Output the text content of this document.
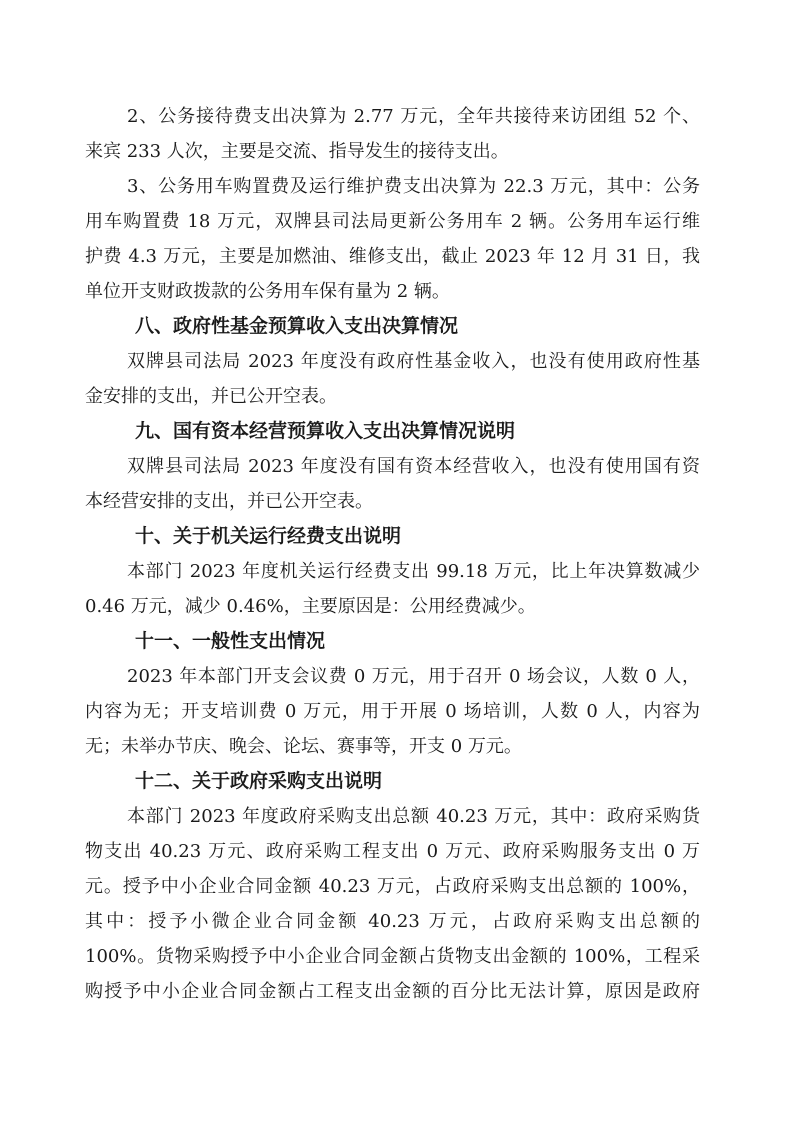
2、公务接待费支出决算为 2.77 万元，全年共接待来访团组 52 个、
来宾 233 人次，主要是交流、指导发生的接待支出。
3、公务用车购置费及运行维护费支出决算为 22.3 万元，其中：公务
用车购置费 18 万元，双牌县司法局更新公务用车 2 辆。公务用车运行维
护费 4.3 万元，主要是加燃油、维修支出，截止 2023 年 12 月 31 日，我
单位开支财政拨款的公务用车保有量为 2 辆。
八、政府性基金预算收入支出决算情况
双牌县司法局 2023 年度没有政府性基金收入，也没有使用政府性基
金安排的支出，并已公开空表。
九、国有资本经营预算收入支出决算情况说明
双牌县司法局 2023 年度没有国有资本经营收入，也没有使用国有资
本经营安排的支出，并已公开空表。
十、关于机关运行经费支出说明
本部门 2023 年度机关运行经费支出 99.18 万元，比上年决算数减少
0.46 万元，减少 0.46%，主要原因是：公用经费减少。
十一、一般性支出情况
2023 年本部门开支会议费 0 万元，用于召开 0 场会议，人数 0 人，
内容为无；开支培训费 0 万元，用于开展 0 场培训，人数 0 人，内容为
无；未举办节庆、晚会、论坛、赛事等，开支 0 万元。
十二、关于政府采购支出说明
本部门 2023 年度政府采购支出总额 40.23 万元，其中：政府采购货
物支出 40.23 万元、政府采购工程支出 0 万元、政府采购服务支出 0 万
元。授予中小企业合同金额 40.23 万元，占政府采购支出总额的 100%，
其中：授予小微企业合同金额 40.23 万元，占政府采购支出总额的
100%。货物采购授予中小企业合同金额占货物支出金额的 100%，工程采
购授予中小企业合同金额占工程支出金额的百分比无法计算，原因是政府
